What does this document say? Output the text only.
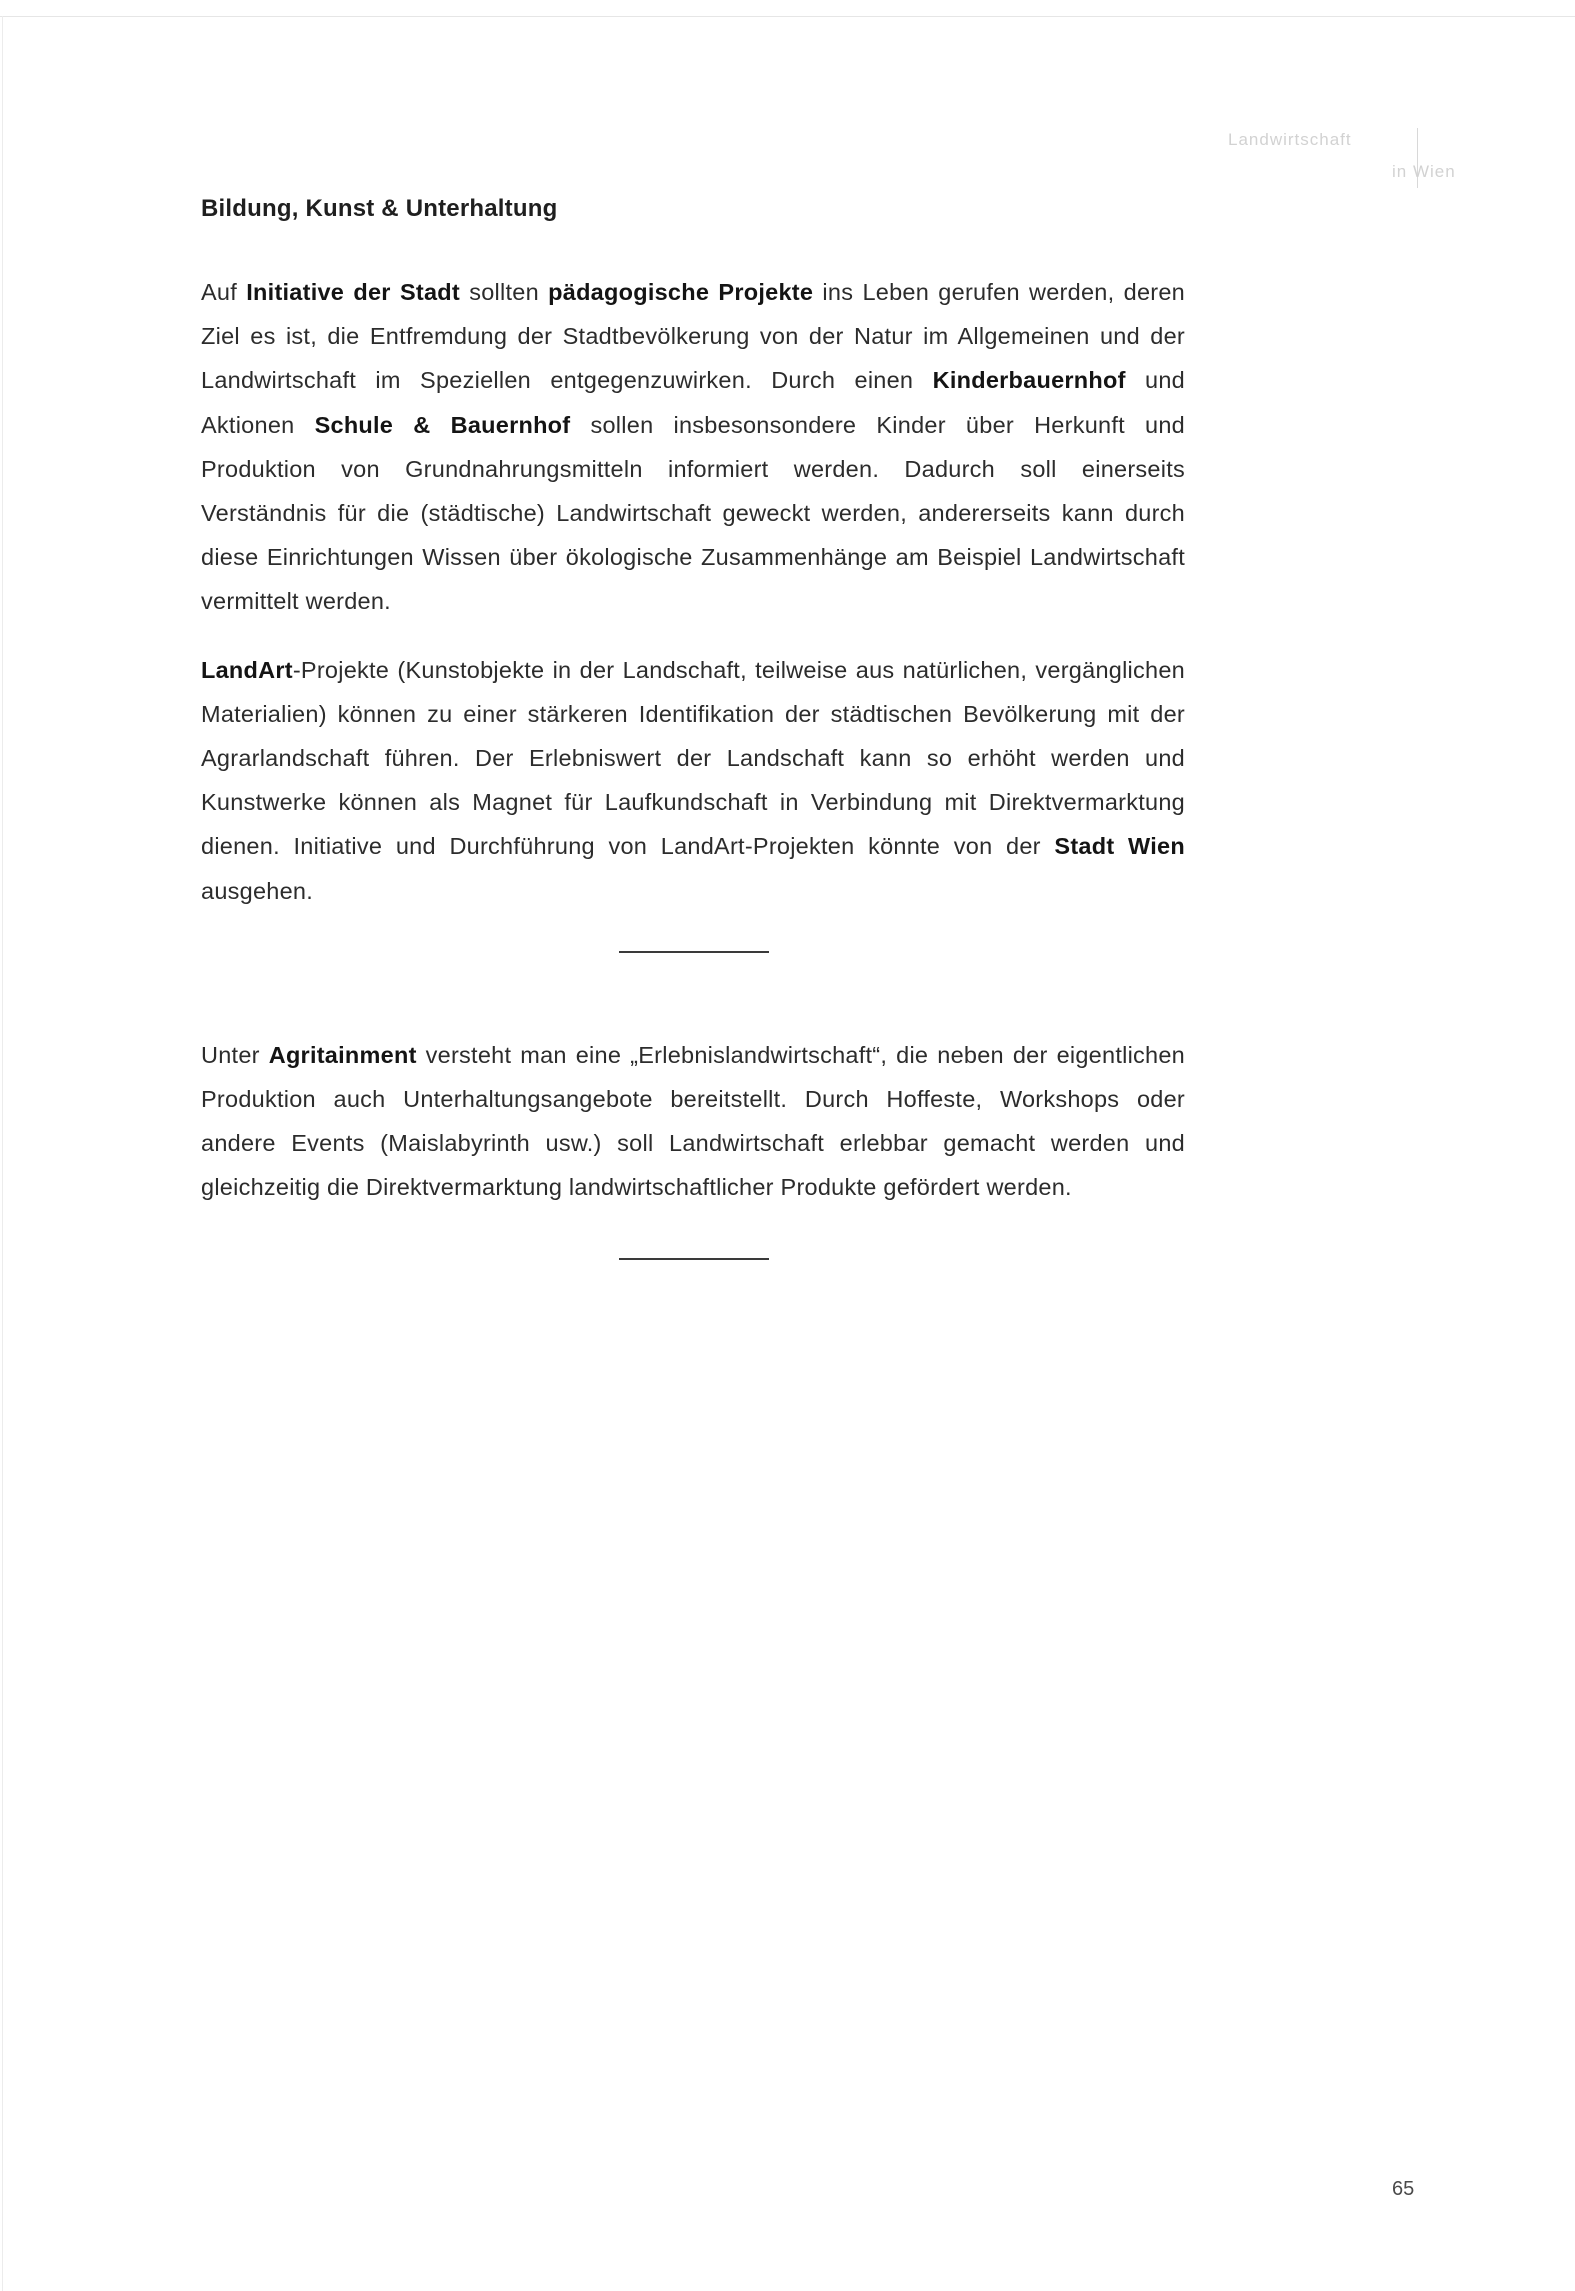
Landwirtschaft
in Wien
Bildung, Kunst & Unterhaltung

Auf Initiative der Stadt sollten pädagogische Projekte ins Leben gerufen werden, deren Ziel es ist, die Entfremdung der Stadtbevölkerung von der Natur im Allgemeinen und der Landwirtschaft im Speziellen entgegenzuwirken. Durch einen Kinderbauernhof und Aktionen Schule & Bauernhof sollen insbesonsondere Kinder über Herkunft und Produktion von Grundnahrungsmitteln informiert werden. Dadurch soll einerseits Verständnis für die (städtische) Landwirtschaft geweckt werden, andererseits kann durch diese Einrichtungen Wissen über ökologische Zusammenhänge am Beispiel Landwirtschaft vermittelt werden.

LandArt-Projekte (Kunstobjekte in der Landschaft, teilweise aus natürlichen, vergänglichen Materialien) können zu einer stärkeren Identifikation der städtischen Bevölkerung mit der Agrarlandschaft führen. Der Erlebniswert der Landschaft kann so erhöht werden und Kunstwerke können als Magnet für Laufkundschaft in Verbindung mit Direktvermarktung dienen. Initiative und Durchführung von LandArt-Projekten könnte von der Stadt Wien ausgehen.

Unter Agritainment versteht man eine „Erlebnislandwirtschaft“, die neben der eigentlichen Produktion auch Unterhaltungsangebote bereitstellt. Durch Hoffeste, Workshops oder andere Events (Maislabyrinth usw.) soll Landwirtschaft erlebbar gemacht werden und gleichzeitig die Direktvermarktung landwirtschaftlicher Produkte gefördert werden.

65
